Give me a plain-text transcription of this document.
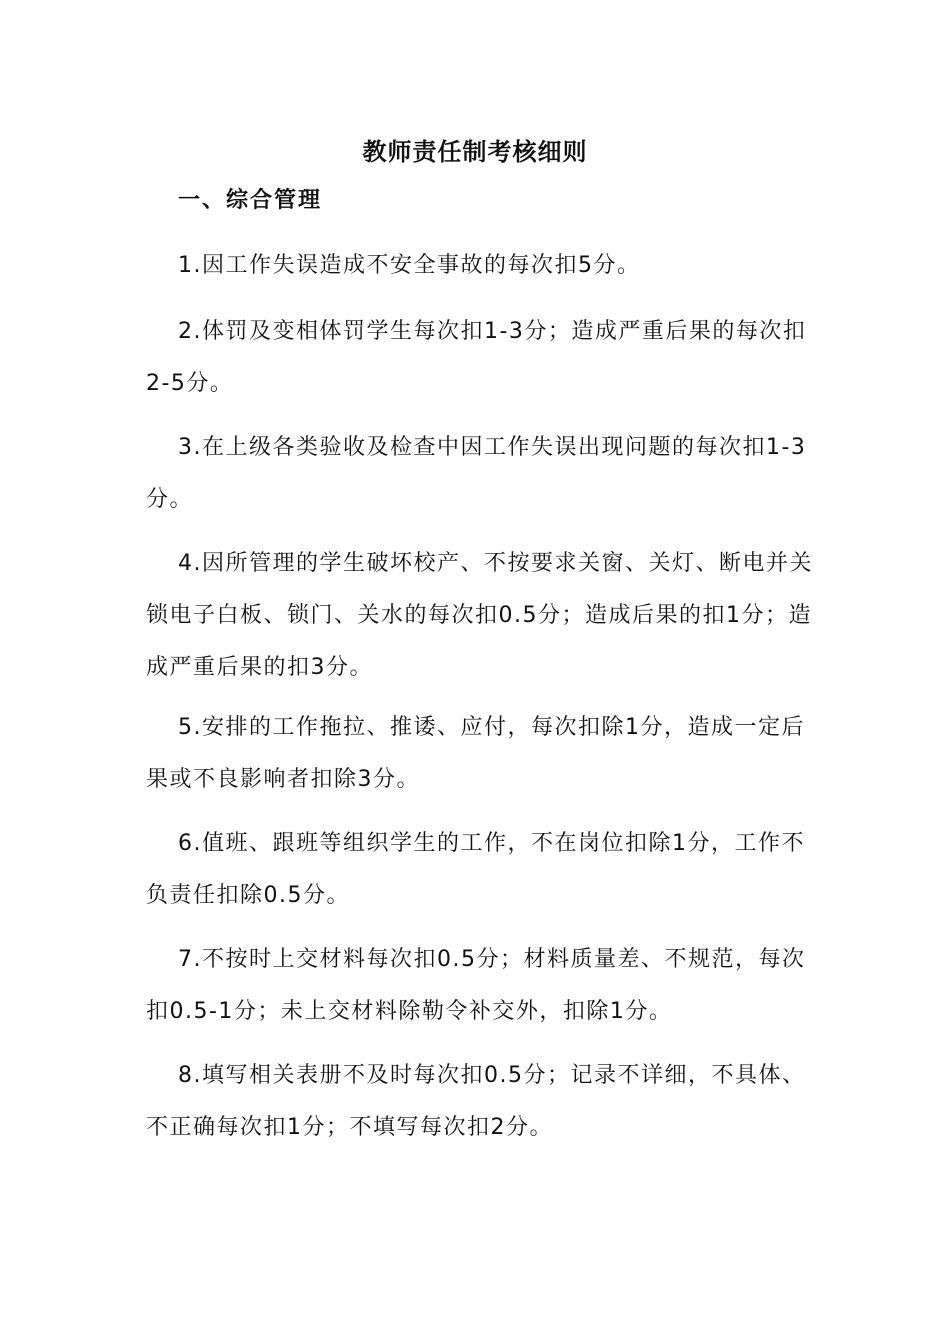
教师责任制考核细则
一、综合管理

1.因工作失误造成不安全事故的每次扣5分。

2.体罚及变相体罚学生每次扣1-3分；造成严重后果的每次扣2-5分。

3.在上级各类验收及检查中因工作失误出现问题的每次扣1-3分。

4.因所管理的学生破坏校产、不按要求关窗、关灯、断电并关锁电子白板、锁门、关水的每次扣0.5分；造成后果的扣1分；造成严重后果的扣3分。

5.安排的工作拖拉、推诿、应付，每次扣除1分，造成一定后果或不良影响者扣除3分。

6.值班、跟班等组织学生的工作，不在岗位扣除1分，工作不负责任扣除0.5分。

7.不按时上交材料每次扣0.5分；材料质量差、不规范，每次扣0.5-1分；未上交材料除勒令补交外，扣除1分。

8.填写相关表册不及时每次扣0.5分；记录不详细，不具体、不正确每次扣1分；不填写每次扣2分。
